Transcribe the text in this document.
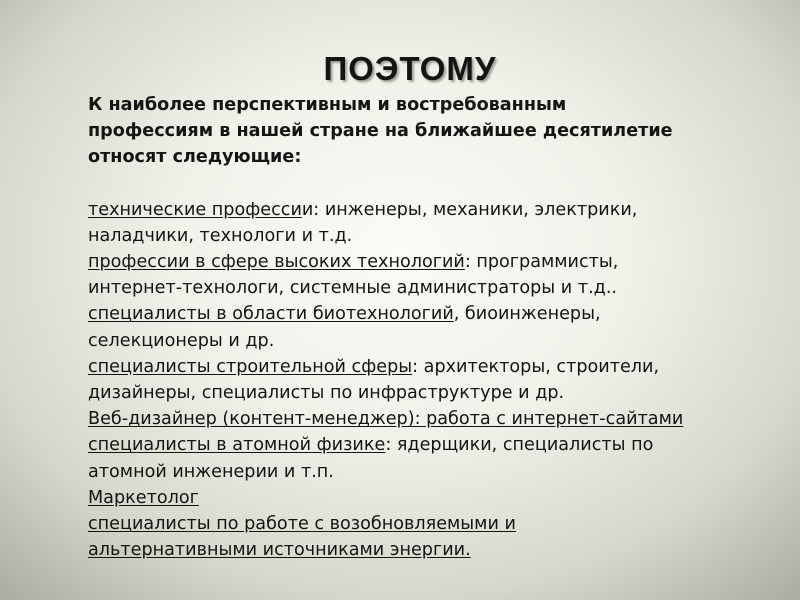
ПОЭТОМУ

К наиболее перспективным и востребованным
профессиям в нашей стране на ближайшее десятилетие
относят следующие:

технические профессии: инженеры, механики, электрики,
наладчики, технологи и т.д.
профессии в сфере высоких технологий: программисты,
интернет-технологи, системные администраторы и т.д..
специалисты в области биотехнологий, биоинженеры,
селекционеры и др.
специалисты строительной сферы: архитекторы, строители,
дизайнеры, специалисты по инфраструктуре и др.
Веб-дизайнер (контент-менеджер): работа с интернет-сайтами
специалисты в атомной физике: ядерщики, специалисты по
атомной инженерии и т.п.
Маркетолог
специалисты по работе с возобновляемыми и
альтернативными источниками энергии.
